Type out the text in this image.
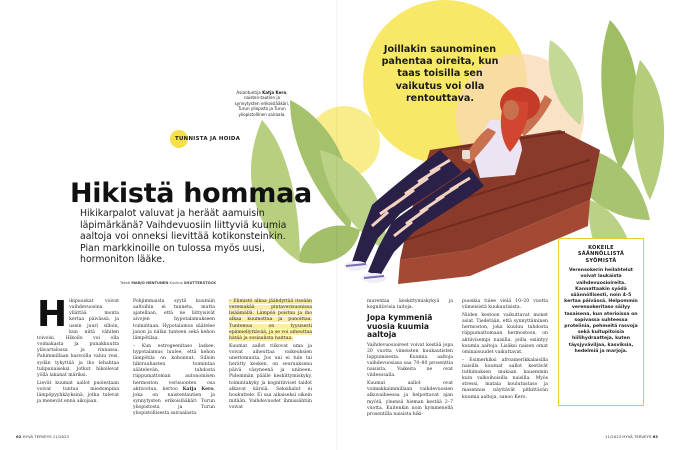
Joillakin saunominen pahentaa oireita, kun taas toisilla sen vaikutus voi olla rentouttava.
Asiantuntija Katja Kero, naisten-tautien ja synnytysten erikoislääkäri, Turun yliopisto ja Turun yliopistollinen sairaala.
TUNNISTA JA HOIDA
Hikistä hommaa
Hikikarpalot valuvat ja heräät aamuisin läpimärkänä? Vaihdevuosiin liittyviä kuumia aaltoja voi onneksi lievittää kotikonsteinkin. Pian markkinoille on tulossa myös uusi, hormoniton lääke.
Teksti MARJO HENTUNEN Kuvitus SHUTTERSTOCK

Hikipuuskat voivat vaihdevuosina yllättää monta kertaa päivässä, ja usein juuri silloin, kun niitä vähiten toivoisi. Hikoilu voi olla voimakasta ja punakkuutta ylävartalossa ja rinnassa. Pahimmillaan kasvoilla valuu vesi, sydän tykyttää ja iho lehahtaa tulipunaiseksi. Jotkut hikoilevat yöllä lakanat märiksi.

Lievät kuumat aallot puolestaan voivat tuntua miedompina lämpöpyyhkäyksinä, jotka tulevat ja menevät ennä aikojaan.

Pohjimmaista syytä kuumiin aaltoihin ei tunneta, mutta ajatellaan, että ne liittyisivät aivojen hypotalamukseen toimintaan. Hypotalamus säätelee janon ja nälän tunteen sekä kehon lämpötilaa.

– Kun estrogeenitaso laskee, hypotalamus luulee, että kehon lämpötila on kohonnut. Silloin hikirauhasten toimintaa säätelevän, tahdosta riippumattoman autonomisen hermoston verisuonten osa aktivoituu, kertoo Katja Kero, joka on naistentautien ja synnytysten erikoislääkäri Turun yliopistosta ja Turun yliopistollisesta sairaalasta.

– Elimistö alkaa jäähdyttää itseään veremakää pintaverisuonissa lisäämällä. Lämpöä poistuu ja iho alkaa kuumottaa ja punoittaa. Tuntemus on fyysisesti epämiellyttävää, ja se voi aiheuttaa hätää ja sosiaalista haittaa.

Kuumat aallot riikovat uma ja voivat aiheuttaa vaikeuksien unettomuuta. Jos uni ei tule tai herätty kesken, on seurauksena päivä väsyneenä ja unineen. Pidemmän päälle keskittymiskyky, toimintakyky ja kognitiiviset taidot alkavat kärsiä. Seksihalut ei houkuttele. Ei saa aikaiseksi oikein mitään. Vaihdevuodet ihmissähtiin voivat

murentaa keskittymiskykyä ja kognitiivisia taitoja.

Jopa kymmeniä vuosia kuumia aaltoja

Vaihdevuosioireet voivat kestää jopa 20 vuotta vimeisten kuukautisten loppumisesta. Kuumia aaltoja vaihdevuosissa saa 70–80 prosenttia naisista. Vaikeita ne ovat viidesosalla.

Kuumat aallot ovat voimakkaimmillaan vaihdevuosien alkuvaiheessa ja helpottavat ajan myötä, yleensä hieman kestää 2–7 vuotta. Kuitenkin noin kymmenellä prosentilla naisista hiki-

puuskia tulee vielä 10–20 vuotta viimeisistä kuukautisista.

Niiden kestoon vaikuttavat monet asiat. Tiedetään, että synnyttäminen hermoston, joka kuuluu tahdosta riippumattomaan hermostoon, on aktiivisempi naisilla, joilla esiintyy kuumia aaltoja. Lisäksi naisen omat ominaisuudet vaikuttavat.

– Esimerkiksi afroamerikkalaisilla naisilla kuumat aallot kestävät tutkimuksen mukaan kauemmin kuin valkoihoisilla naisilla. Myös stressi, matala koulutustaso ja masennus näyttävät pitkittävän kuumia aaltoja, sanoo Kero.

KOKEILE SÄÄNNÖLLISTÄ SYÖMISTÄ
Verensokerin heilahtelut voivat laukaista vaihdevuosioireita. Kannattaakin syödä säännöllisesti, noin 4–5 kertaa päivässä. Helpommin verensokeritaso säilyy tasaisena, kun aterioissa on sopivassa suhteessa proteiinia, pehmeitä rasvoja sekä kuitupitoisia hiilihydraatteja, kuten täysjyväviljaa, kasviksia, hedelmiä ja marjoja.
62 HYVÄ TERVEYS 11/2023	11/2023 HYVÄ TERVEYS 63
